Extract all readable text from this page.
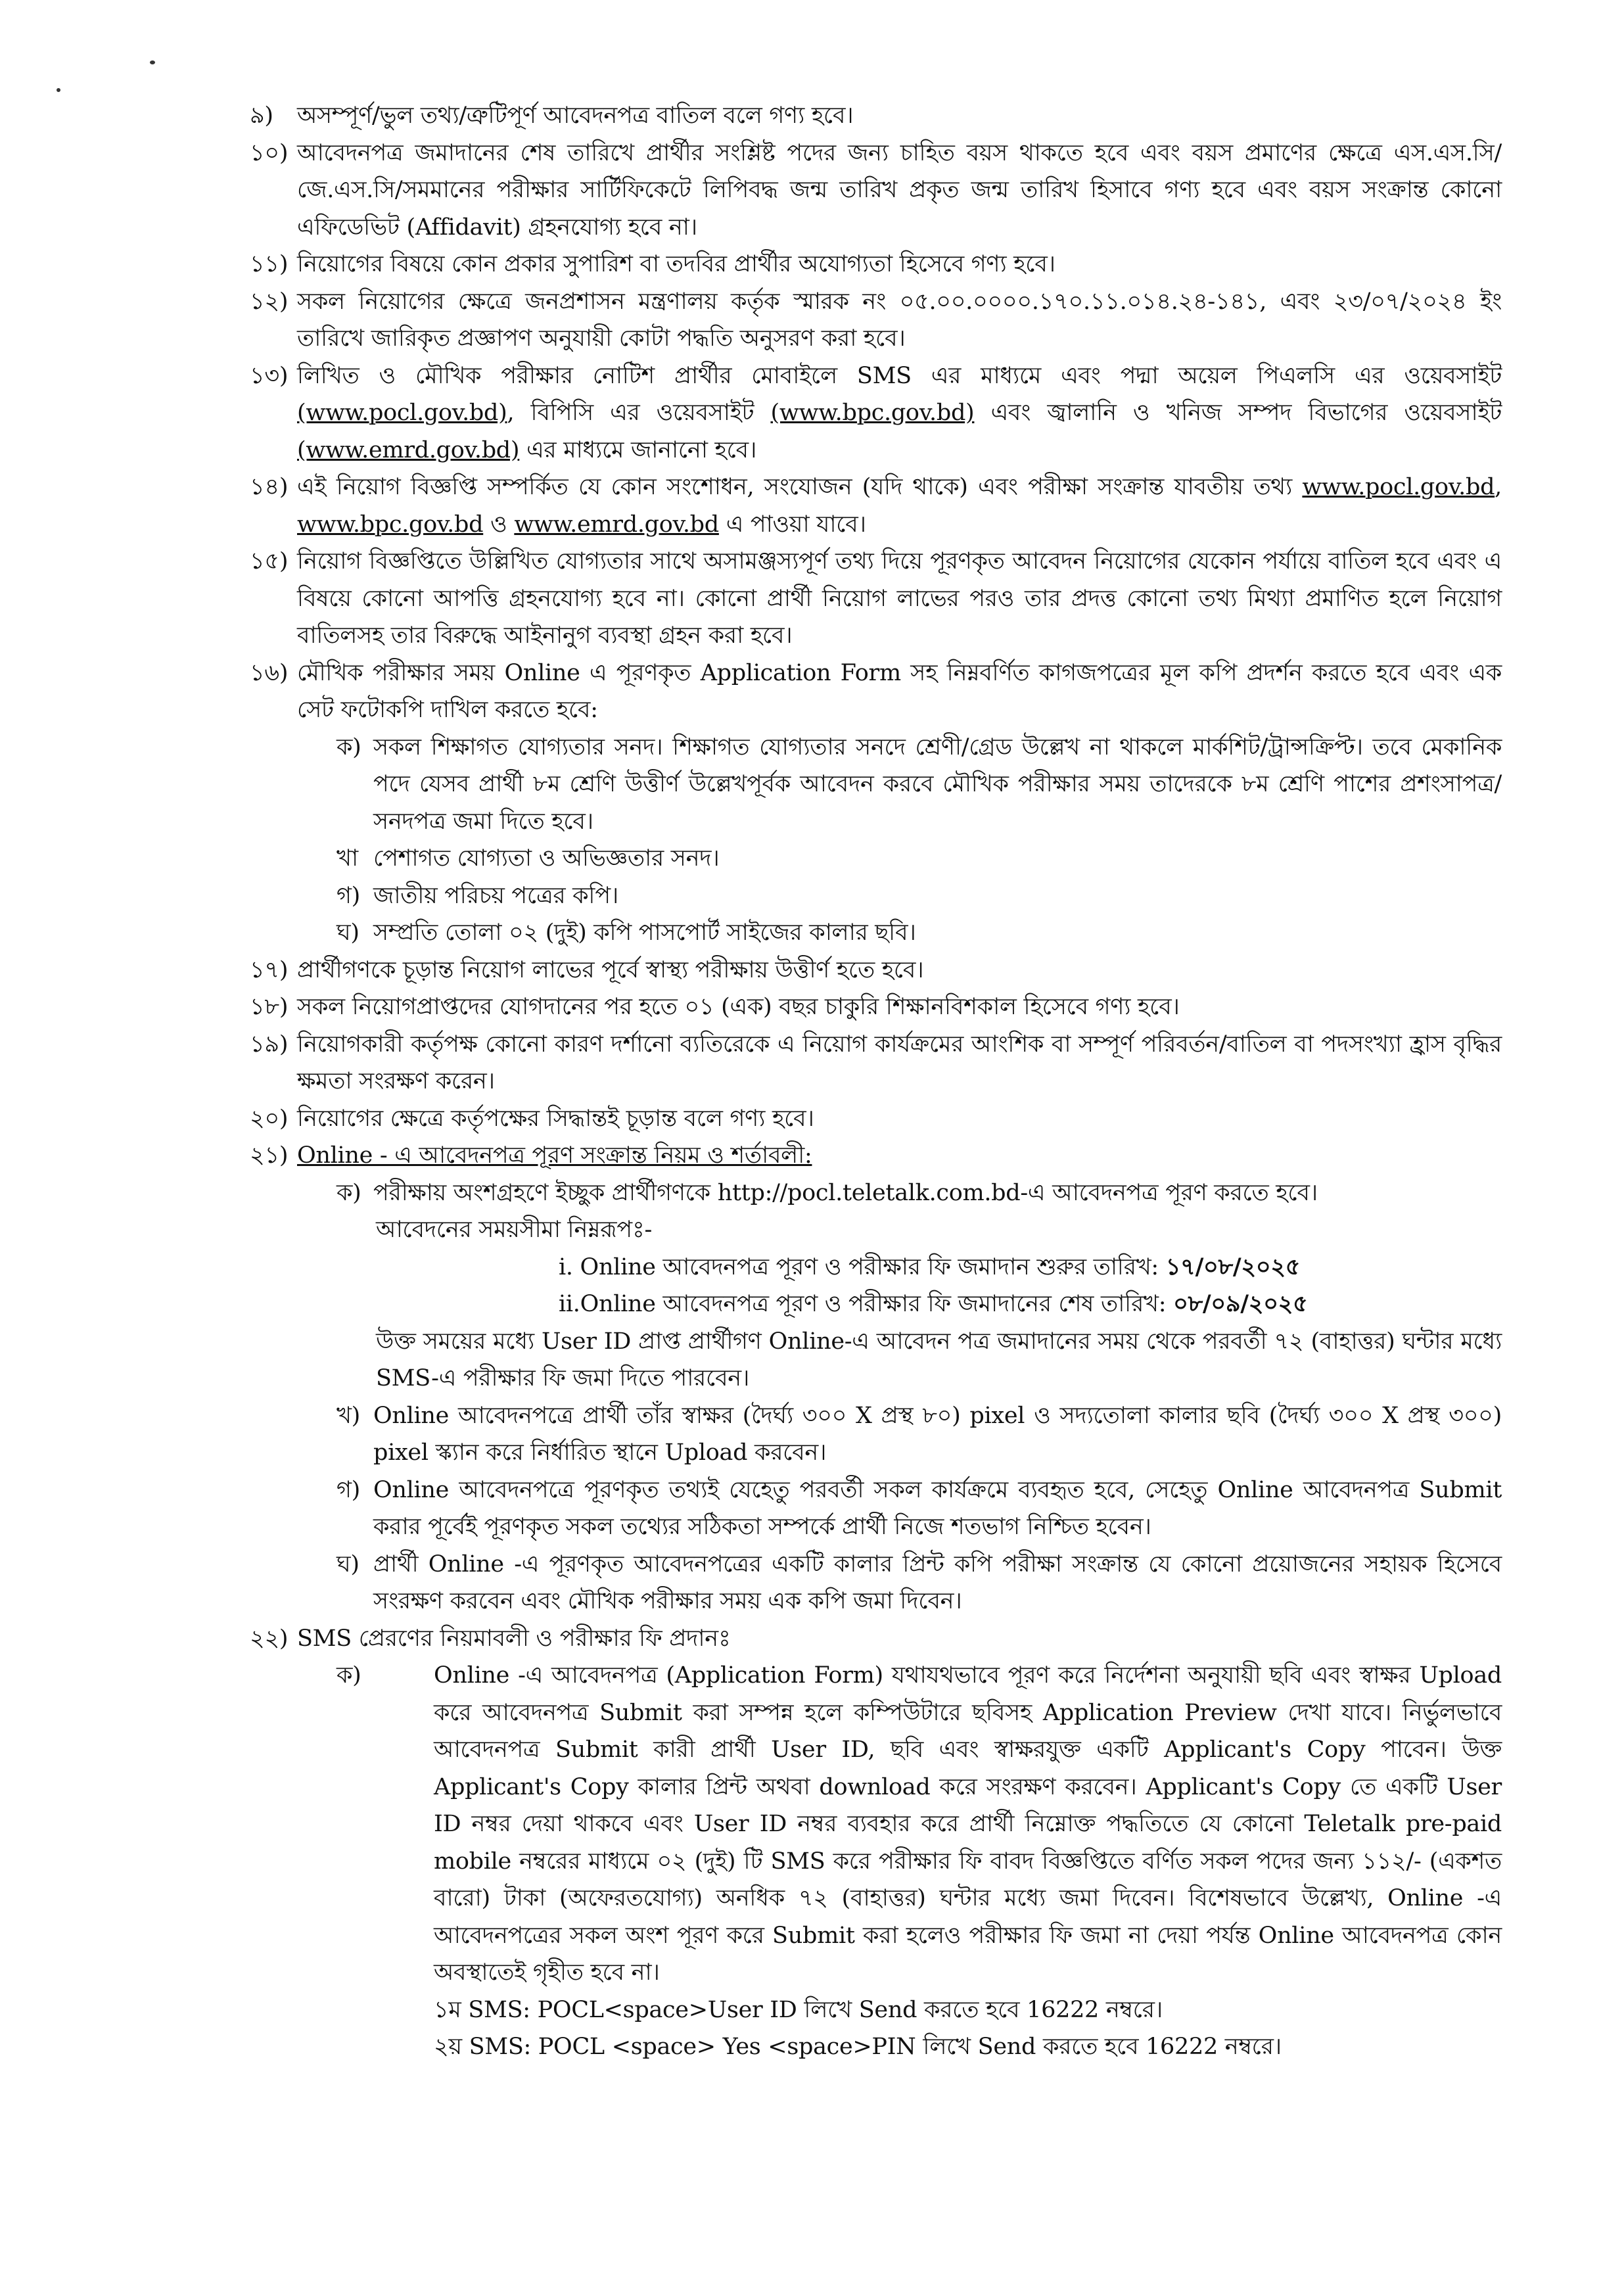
৯)	অসম্পূর্ণ/ভুল তথ্য/ত্রুটিপূর্ণ আবেদনপত্র বাতিল বলে গণ্য হবে।
১০) আবেদনপত্র জমাদানের শেষ তারিখে প্রার্থীর সংশ্লিষ্ট পদের জন্য চাহিত বয়স থাকতে হবে এবং বয়স প্রমাণের ক্ষেত্রে এস.এস.সি/জে.এস.সি/সমমানের পরীক্ষার সার্টিফিকেটে লিপিবদ্ধ জন্ম তারিখ প্রকৃত জন্ম তারিখ হিসাবে গণ্য হবে এবং বয়স সংক্রান্ত কোনো এফিডেভিট (Affidavit) গ্রহনযোগ্য হবে না।
১১) নিয়োগের বিষয়ে কোন প্রকার সুপারিশ বা তদবির প্রার্থীর অযোগ্যতা হিসেবে গণ্য হবে।
১২) সকল নিয়োগের ক্ষেত্রে জনপ্রশাসন মন্ত্রণালয় কর্তৃক স্মারক নং ০৫.০০.০০০০.১৭০.১১.০১৪.২৪-১৪১, এবং ২৩/০৭/২০২৪ ইং তারিখে জারিকৃত প্রজ্ঞাপণ অনুযায়ী কোটা পদ্ধতি অনুসরণ করা হবে।
১৩) লিখিত ও মৌখিক পরীক্ষার নোটিশ প্রার্থীর মোবাইলে SMS এর মাধ্যমে এবং পদ্মা অয়েল পিএলসি এর ওয়েবসাইট (www.pocl.gov.bd), বিপিসি এর ওয়েবসাইট (www.bpc.gov.bd) এবং জ্বালানি ও খনিজ সম্পদ বিভাগের ওয়েবসাইট (www.emrd.gov.bd) এর মাধ্যমে জানানো হবে।
১৪) এই নিয়োগ বিজ্ঞপ্তি সম্পর্কিত যে কোন সংশোধন, সংযোজন (যদি থাকে) এবং পরীক্ষা সংক্রান্ত যাবতীয় তথ্য www.pocl.gov.bd, www.bpc.gov.bd ও www.emrd.gov.bd এ পাওয়া যাবে।
১৫) নিয়োগ বিজ্ঞপ্তিতে উল্লিখিত যোগ্যতার সাথে অসামঞ্জস্যপূর্ণ তথ্য দিয়ে পূরণকৃত আবেদন নিয়োগের যেকোন পর্যায়ে বাতিল হবে এবং এ বিষয়ে কোনো আপত্তি গ্রহনযোগ্য হবে না। কোনো প্রার্থী নিয়োগ লাভের পরও তার প্রদত্ত কোনো তথ্য মিথ্যা প্রমাণিত হলে নিয়োগ বাতিলসহ তার বিরুদ্ধে আইনানুগ ব্যবস্থা গ্রহন করা হবে।
১৬) মৌখিক পরীক্ষার সময় Online এ পূরণকৃত Application Form সহ নিম্নবর্ণিত কাগজপত্রের মূল কপি প্রদর্শন করতে হবে এবং এক সেট ফটোকপি দাখিল করতে হবে:
ক) সকল শিক্ষাগত যোগ্যতার সনদ। শিক্ষাগত যোগ্যতার সনদে শ্রেণী/গ্রেড উল্লেখ না থাকলে মার্কশিট/ট্রান্সক্রিপ্ট। তবে মেকানিক পদে যেসব প্রার্থী ৮ম শ্রেণি উত্তীর্ণ উল্লেখপূর্বক আবেদন করবে মৌখিক পরীক্ষার সময় তাদেরকে ৮ম শ্রেণি পাশের প্রশংসাপত্র/ সনদপত্র জমা দিতে হবে।
খা পেশাগত যোগ্যতা ও অভিজ্ঞতার সনদ।
গ) জাতীয় পরিচয় পত্রের কপি।
ঘ) সম্প্রতি তোলা ০২ (দুই) কপি পাসপোর্ট সাইজের কালার ছবি।
১৭) প্রার্থীগণকে চূড়ান্ত নিয়োগ লাভের পূর্বে স্বাস্থ্য পরীক্ষায় উত্তীর্ণ হতে হবে।
১৮) সকল নিয়োগপ্রাপ্তদের যোগদানের পর হতে ০১ (এক) বছর চাকুরি শিক্ষানবিশকাল হিসেবে গণ্য হবে।
১৯) নিয়োগকারী কর্তৃপক্ষ কোনো কারণ দর্শানো ব্যতিরেকে এ নিয়োগ কার্যক্রমের আংশিক বা সম্পূর্ণ পরিবর্তন/বাতিল বা পদসংখ্যা হ্রাস বৃদ্ধির ক্ষমতা সংরক্ষণ করেন।
২০) নিয়োগের ক্ষেত্রে কর্তৃপক্ষের সিদ্ধান্তই চূড়ান্ত বলে গণ্য হবে।
২১) Online - এ আবেদনপত্র পূরণ সংক্রান্ত নিয়ম ও শর্তাবলী:
ক) পরীক্ষায় অংশগ্রহণে ইচ্ছুক প্রার্থীগণকে http://pocl.teletalk.com.bd-এ আবেদনপত্র পূরণ করতে হবে।
আবেদনের সময়সীমা নিম্নরূপঃ-
i. Online আবেদনপত্র পূরণ ও পরীক্ষার ফি জমাদান শুরুর তারিখ: ১৭/০৮/২০২৫
ii.Online আবেদনপত্র পূরণ ও পরীক্ষার ফি জমাদানের শেষ তারিখ: ০৮/০৯/২০২৫
উক্ত সময়ের মধ্যে User ID প্রাপ্ত প্রার্থীগণ Online-এ আবেদন পত্র জমাদানের সময় থেকে পরবর্তী ৭২ (বাহাত্তর) ঘন্টার মধ্যে SMS-এ পরীক্ষার ফি জমা দিতে পারবেন।
খ) Online আবেদনপত্রে প্রার্থী তাঁর স্বাক্ষর (দৈর্ঘ্য ৩০০ X প্রস্থ ৮০) pixel ও সদ্যতোলা কালার ছবি (দৈর্ঘ্য ৩০০ X প্রস্থ ৩০০) pixel স্ক্যান করে নির্ধারিত স্থানে Upload করবেন।
গ) Online আবেদনপত্রে পূরণকৃত তথ্যই যেহেতু পরবর্তী সকল কার্যক্রমে ব্যবহৃত হবে, সেহেতু Online আবেদনপত্র Submit করার পূর্বেই পূরণকৃত সকল তথ্যের সঠিকতা সম্পর্কে প্রার্থী নিজে শতভাগ নিশ্চিত হবেন।
ঘ) প্রার্থী Online -এ পূরণকৃত আবেদনপত্রের একটি কালার প্রিন্ট কপি পরীক্ষা সংক্রান্ত যে কোনো প্রয়োজনের সহায়ক হিসেবে সংরক্ষণ করবেন এবং মৌখিক পরীক্ষার সময় এক কপি জমা দিবেন।
২২) SMS প্রেরণের নিয়মাবলী ও পরীক্ষার ফি প্রদানঃ
ক)	Online -এ আবেদনপত্র (Application Form) যথাযথভাবে পূরণ করে নির্দেশনা অনুযায়ী ছবি এবং স্বাক্ষর Upload করে আবেদনপত্র Submit করা সম্পন্ন হলে কম্পিউটারে ছবিসহ Application Preview দেখা যাবে। নির্ভুলভাবে আবেদনপত্র Submit কারী প্রার্থী User ID, ছবি এবং স্বাক্ষরযুক্ত একটি Applicant's Copy পাবেন। উক্ত Applicant's Copy কালার প্রিন্ট অথবা download করে সংরক্ষণ করবেন। Applicant's Copy তে একটি User ID নম্বর দেয়া থাকবে এবং User ID নম্বর ব্যবহার করে প্রার্থী নিম্নোক্ত পদ্ধতিতে যে কোনো Teletalk pre-paid mobile নম্বরের মাধ্যমে ০২ (দুই) টি SMS করে পরীক্ষার ফি বাবদ বিজ্ঞপ্তিতে বর্ণিত সকল পদের জন্য ১১২/- (একশত বারো) টাকা (অফেরতযোগ্য) অনধিক ৭২ (বাহাত্তর) ঘন্টার মধ্যে জমা দিবেন। বিশেষভাবে উল্লেখ্য, Online -এ আবেদনপত্রের সকল অংশ পূরণ করে Submit করা হলেও পরীক্ষার ফি জমা না দেয়া পর্যন্ত Online আবেদনপত্র কোন অবস্থাতেই গৃহীত হবে না।
১ম SMS: POCL<space>User ID লিখে Send করতে হবে 16222 নম্বরে।
২য় SMS: POCL <space> Yes <space>PIN লিখে Send করতে হবে 16222 নম্বরে।
